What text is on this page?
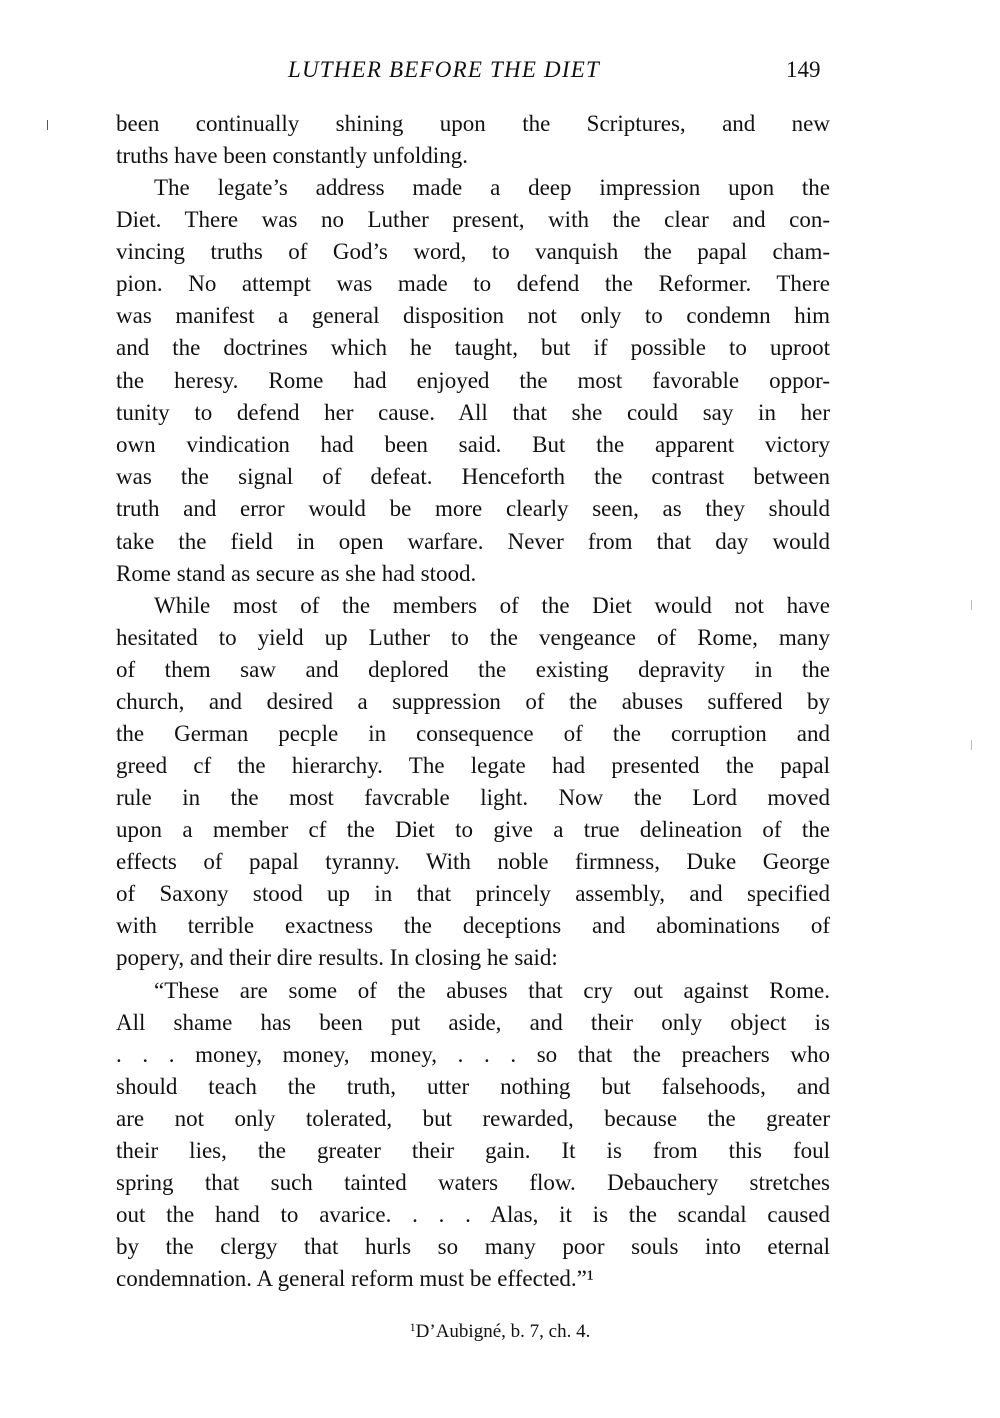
LUTHER BEFORE THE DIET	149
been continually shining upon the Scriptures, and new
truths have been constantly unfolding.
The legate’s address made a deep impression upon the
Diet. There was no Luther present, with the clear and con-
vincing truths of God’s word, to vanquish the papal cham-
pion. No attempt was made to defend the Reformer. There
was manifest a general disposition not only to condemn him
and the doctrines which he taught, but if possible to uproot
the heresy. Rome had enjoyed the most favorable oppor-
tunity to defend her cause. All that she could say in her
own vindication had been said. But the apparent victory
was the signal of defeat. Henceforth the contrast between
truth and error would be more clearly seen, as they should
take the field in open warfare. Never from that day would
Rome stand as secure as she had stood.
While most of the members of the Diet would not have
hesitated to yield up Luther to the vengeance of Rome, many
of them saw and deplored the existing depravity in the
church, and desired a suppression of the abuses suffered by
the German pecple in consequence of the corruption and
greed cf the hierarchy. The legate had presented the papal
rule in the most favcrable light. Now the Lord moved
upon a member cf the Diet to give a true delineation of the
effects of papal tyranny. With noble firmness, Duke George
of Saxony stood up in that princely assembly, and specified
with terrible exactness the deceptions and abominations of
popery, and their dire results. In closing he said:
“These are some of the abuses that cry out against Rome.
All shame has been put aside, and their only object is
. . . money, money, money, . . . so that the preachers who
should teach the truth, utter nothing but falsehoods, and
are not only tolerated, but rewarded, because the greater
their lies, the greater their gain. It is from this foul
spring that such tainted waters flow. Debauchery stretches
out the hand to avarice. . . . Alas, it is the scandal caused
by the clergy that hurls so many poor souls into eternal
condemnation. A general reform must be effected.”¹
$^1$D’Aubigné, b. 7, ch. 4.
